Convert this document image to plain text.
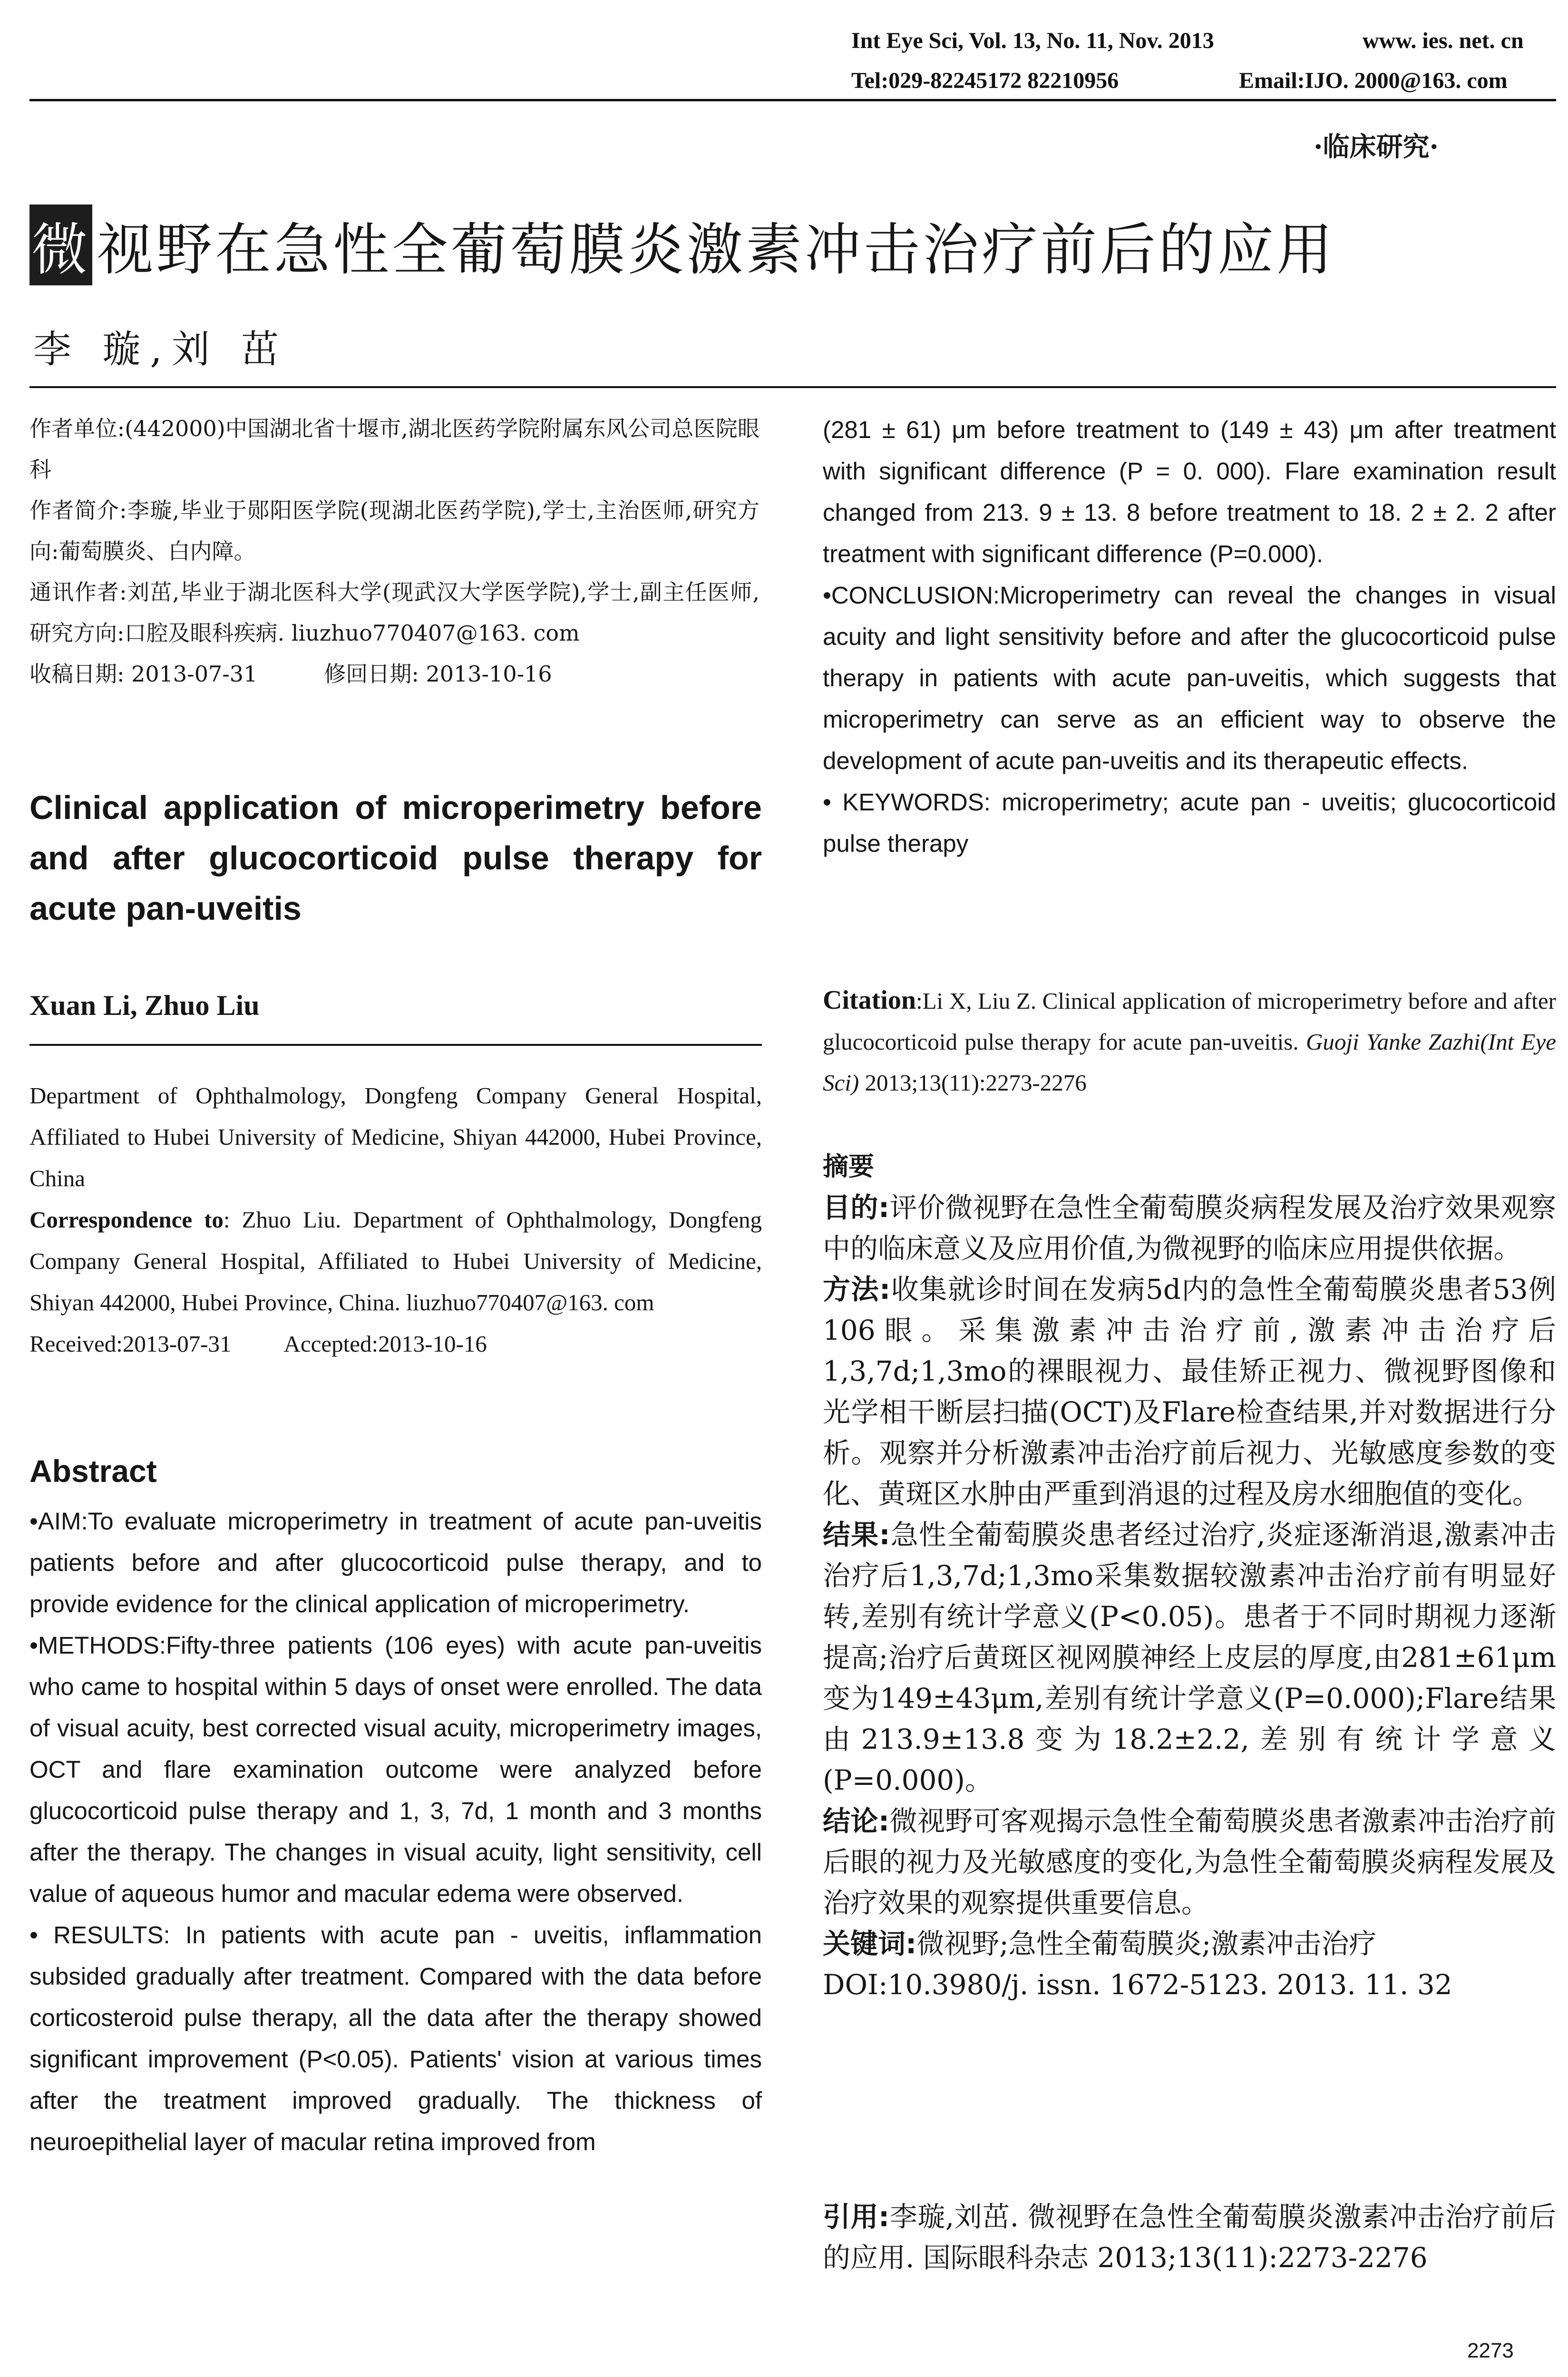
Int Eye Sci, Vol. 13, No. 11, Nov. 2013	www. ies. net. cn
Tel:029-82245172 82210956	Email:IJO. 2000@163. com
·临床研究·
微 视野在急性全葡萄膜炎激素冲击治疗前后的应用
李 璇,刘 茁

作者单位:(442000)中国湖北省十堰市,湖北医药学院附属东风公司总医院眼科

作者简介:李璇,毕业于郧阳医学院(现湖北医药学院),学士,主治医师,研究方向:葡萄膜炎、白内障。

通讯作者:刘茁,毕业于湖北医科大学(现武汉大学医学院),学士,副主任医师,研究方向:口腔及眼科疾病. liuzhuo770407@163. com

收稿日期: 2013-07-31	修回日期: 2013-10-16

Clinical application of microperimetry before and after glucocorticoid pulse therapy for acute pan-uveitis
Xuan Li, Zhuo Liu

Department of Ophthalmology, Dongfeng Company General Hospital, Affiliated to Hubei University of Medicine, Shiyan 442000, Hubei Province, China

Correspondence to: Zhuo Liu. Department of Ophthalmology, Dongfeng Company General Hospital, Affiliated to Hubei University of Medicine, Shiyan 442000, Hubei Province, China. liuzhuo770407@163. com

Received:2013-07-31 Accepted:2013-10-16

Abstract

•AIM:To evaluate microperimetry in treatment of acute pan-uveitis patients before and after glucocorticoid pulse therapy, and to provide evidence for the clinical application of microperimetry.

•METHODS:Fifty-three patients (106 eyes) with acute pan-uveitis who came to hospital within 5 days of onset were enrolled. The data of visual acuity, best corrected visual acuity, microperimetry images, OCT and flare examination outcome were analyzed before glucocorticoid pulse therapy and 1, 3, 7d, 1 month and 3 months after the therapy. The changes in visual acuity, light sensitivity, cell value of aqueous humor and macular edema were observed.

• RESULTS: In patients with acute pan - uveitis, inflammation subsided gradually after treatment. Compared with the data before corticosteroid pulse therapy, all the data after the therapy showed significant improvement (P<0.05). Patients' vision at various times after the treatment improved gradually. The thickness of neuroepithelial layer of macular retina improved from

(281 ± 61) μm before treatment to (149 ± 43) μm after treatment with significant difference (P = 0. 000). Flare examination result changed from 213. 9 ± 13. 8 before treatment to 18. 2 ± 2. 2 after treatment with significant difference (P=0.000).

•CONCLUSION:Microperimetry can reveal the changes in visual acuity and light sensitivity before and after the glucocorticoid pulse therapy in patients with acute pan-uveitis, which suggests that microperimetry can serve as an efficient way to observe the development of acute pan-uveitis and its therapeutic effects.

• KEYWORDS: microperimetry; acute pan - uveitis; glucocorticoid pulse therapy

Citation:Li X, Liu Z. Clinical application of microperimetry before and after glucocorticoid pulse therapy for acute pan-uveitis. Guoji Yanke Zazhi(Int Eye Sci) 2013;13(11):2273-2276

摘要

目的:评价微视野在急性全葡萄膜炎病程发展及治疗效果观察中的临床意义及应用价值,为微视野的临床应用提供依据。

方法:收集就诊时间在发病5d内的急性全葡萄膜炎患者53例106眼。采集激素冲击治疗前,激素冲击治疗后1,3,7d;1,3mo的裸眼视力、最佳矫正视力、微视野图像和光学相干断层扫描(OCT)及Flare检查结果,并对数据进行分析。观察并分析激素冲击治疗前后视力、光敏感度参数的变化、黄斑区水肿由严重到消退的过程及房水细胞值的变化。

结果:急性全葡萄膜炎患者经过治疗,炎症逐渐消退,激素冲击治疗后1,3,7d;1,3mo采集数据较激素冲击治疗前有明显好转,差别有统计学意义(P<0.05)。患者于不同时期视力逐渐提高;治疗后黄斑区视网膜神经上皮层的厚度,由281±61μm变为149±43μm,差别有统计学意义(P=0.000);Flare结果由213.9±13.8变为18.2±2.2,差别有统计学意义(P=0.000)。

结论:微视野可客观揭示急性全葡萄膜炎患者激素冲击治疗前后眼的视力及光敏感度的变化,为急性全葡萄膜炎病程发展及治疗效果的观察提供重要信息。

关键词:微视野;急性全葡萄膜炎;激素冲击治疗

DOI:10.3980/j. issn. 1672-5123. 2013. 11. 32

引用:李璇,刘茁. 微视野在急性全葡萄膜炎激素冲击治疗前后的应用. 国际眼科杂志 2013;13(11):2273-2276
2273
